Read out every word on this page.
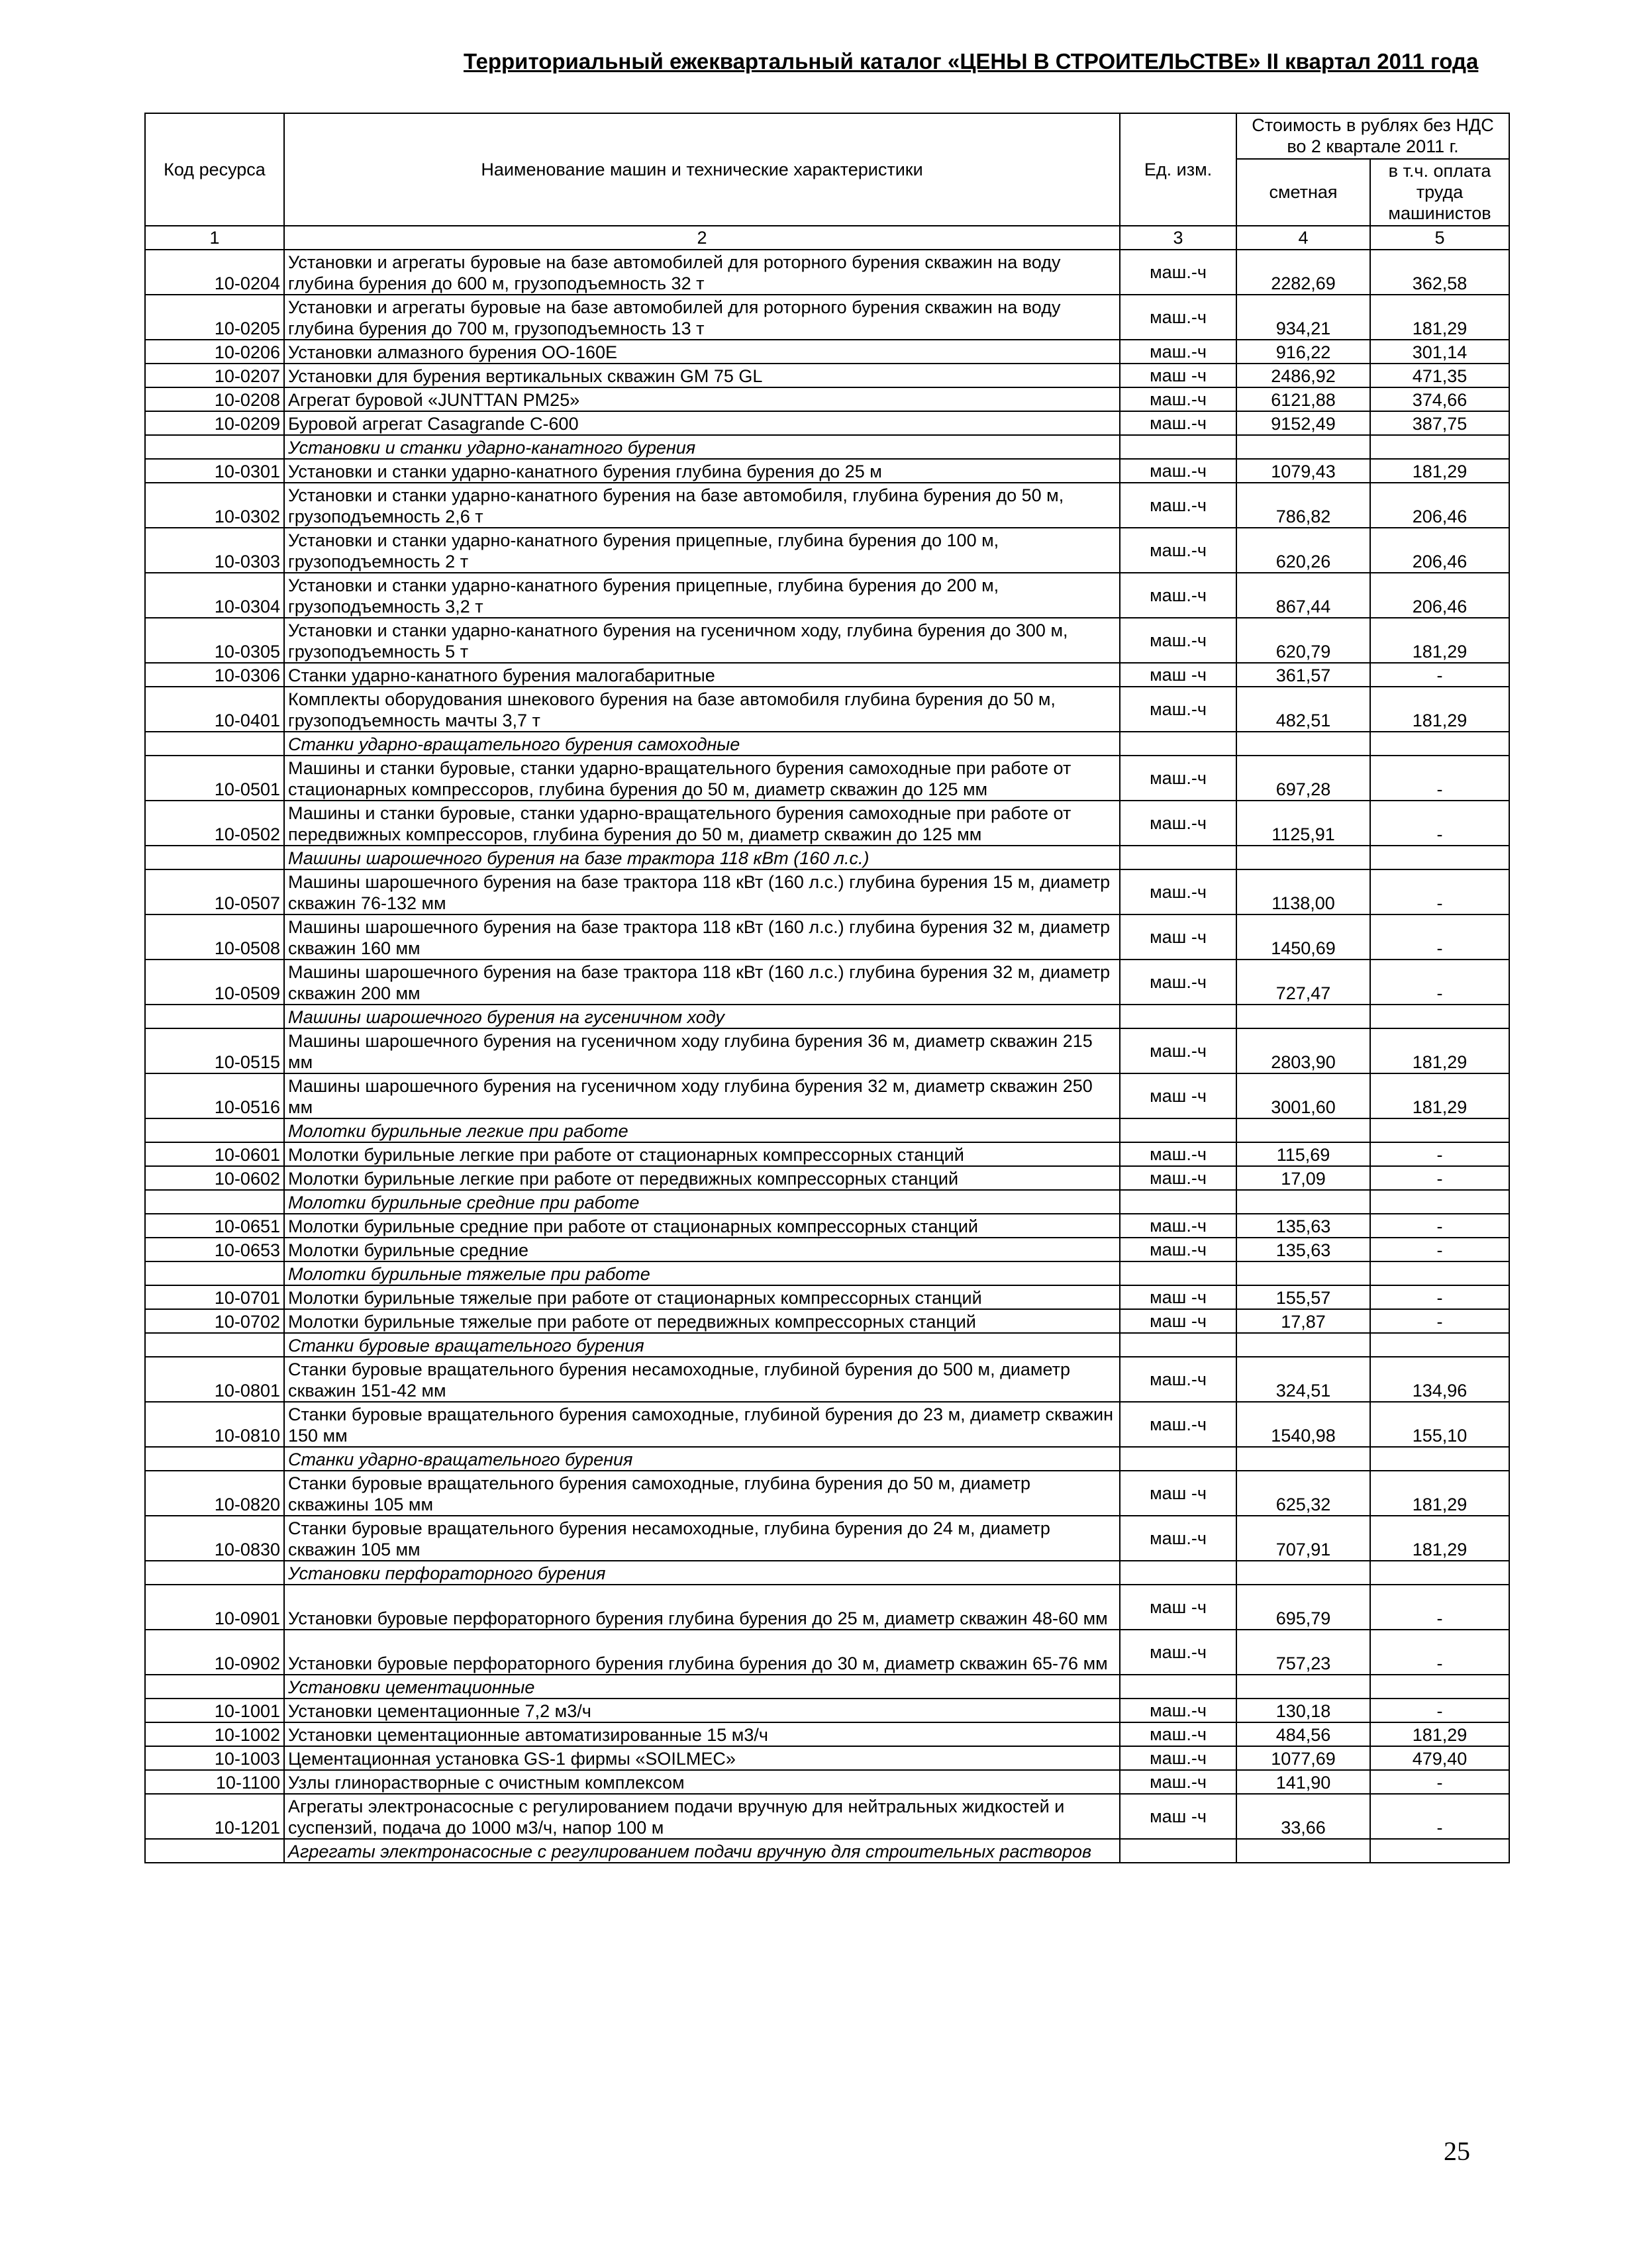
Территориальный ежеквартальный каталог «ЦЕНЫ В СТРОИТЕЛЬСТВЕ» II квартал 2011 года
Код ресурса	Наименование машин и технические характеристики	Ед. изм.	Стоимость в рублях без НДС во 2 квартале 2011 г.	
			сметная	в т.ч. оплата труда машинистов
1	2	3	4	5
10-0204	Установки и агрегаты буровые на базе автомобилей для роторного бурения скважин на воду глубина бурения до 600 м, грузоподъемность 32 т	маш.-ч	2282,69	362,58
10-0205	Установки и агрегаты буровые на базе автомобилей для роторного бурения скважин на воду глубина бурения до 700 м, грузоподъемность 13 т	маш.-ч	934,21	181,29
10-0206	Установки алмазного бурения ОО-160Е	маш.-ч	916,22	301,14
10-0207	Установки для бурения вертикальных скважин GM 75 GL	маш -ч	2486,92	471,35
10-0208	Агрегат буровой «JUNTTAN PM25»	маш.-ч	6121,88	374,66
10-0209	Буровой агрегат Casagrande C-600	маш.-ч	9152,49	387,75
	Установки и станки ударно-канатного бурения			
10-0301	Установки и станки ударно-канатного бурения глубина бурения до 25 м	маш.-ч	1079,43	181,29
10-0302	Установки и станки ударно-канатного бурения на базе автомобиля, глубина бурения до 50 м, грузоподъемность 2,6 т	маш.-ч	786,82	206,46
10-0303	Установки и станки ударно-канатного бурения прицепные, глубина бурения до 100 м, грузоподъемность 2 т	маш.-ч	620,26	206,46
10-0304	Установки и станки ударно-канатного бурения прицепные, глубина бурения до 200 м, грузоподъемность 3,2 т	маш.-ч	867,44	206,46
10-0305	Установки и станки ударно-канатного бурения на гусеничном ходу, глубина бурения до 300 м, грузоподъемность 5 т	маш.-ч	620,79	181,29
10-0306	Станки ударно-канатного бурения малогабаритные	маш -ч	361,57	-
10-0401	Комплекты оборудования шнекового бурения на базе автомобиля глубина бурения до 50 м, грузоподъемность мачты 3,7 т	маш.-ч	482,51	181,29
	Станки ударно-вращательного бурения самоходные			
10-0501	Машины и станки буровые, станки ударно-вращательного бурения самоходные при работе от стационарных компрессоров, глубина бурения до 50 м, диаметр скважин до 125 мм	маш.-ч	697,28	-
10-0502	Машины и станки буровые, станки ударно-вращательного бурения самоходные при работе от передвижных компрессоров, глубина бурения до 50 м, диаметр скважин до 125 мм	маш.-ч	1125,91	-
	Машины шарошечного бурения на базе трактора 118 кВт (160 л.с.)			
10-0507	Машины шарошечного бурения на базе трактора 118 кВт (160 л.с.) глубина бурения 15 м, диаметр скважин 76-132 мм	маш.-ч	1138,00	-
10-0508	Машины шарошечного бурения на базе трактора 118 кВт (160 л.с.) глубина бурения 32 м, диаметр скважин 160 мм	маш -ч	1450,69	-
10-0509	Машины шарошечного бурения на базе трактора 118 кВт (160 л.с.) глубина бурения 32 м, диаметр скважин 200 мм	маш.-ч	727,47	-
	Машины шарошечного бурения на гусеничном ходу			
10-0515	Машины шарошечного бурения на гусеничном ходу глубина бурения 36 м, диаметр скважин 215 мм	маш.-ч	2803,90	181,29
10-0516	Машины шарошечного бурения на гусеничном ходу глубина бурения 32 м, диаметр скважин 250 мм	маш -ч	3001,60	181,29
	Молотки бурильные легкие при работе			
10-0601	Молотки бурильные легкие при работе от стационарных компрессорных станций	маш.-ч	115,69	-
10-0602	Молотки бурильные легкие при работе от передвижных компрессорных станций	маш.-ч	17,09	-
	Молотки бурильные средние при работе			
10-0651	Молотки бурильные средние при работе от стационарных компрессорных станций	маш.-ч	135,63	-
10-0653	Молотки бурильные средние	маш.-ч	135,63	-
	Молотки бурильные тяжелые при работе			
10-0701	Молотки бурильные тяжелые при работе от стационарных компрессорных станций	маш -ч	155,57	-
10-0702	Молотки бурильные тяжелые при работе от передвижных компрессорных станций	маш -ч	17,87	-
	Станки буровые вращательного бурения			
10-0801	Станки буровые вращательного бурения несамоходные, глубиной бурения до 500 м, диаметр скважин 151-42 мм	маш.-ч	324,51	134,96
10-0810	Станки буровые вращательного бурения самоходные, глубиной бурения до 23 м, диаметр скважин 150 мм	маш.-ч	1540,98	155,10
	Станки ударно-вращательного бурения			
10-0820	Станки буровые вращательного бурения самоходные, глубина бурения до 50 м, диаметр скважины 105 мм	маш -ч	625,32	181,29
10-0830	Станки буровые вращательного бурения несамоходные, глубина бурения до 24 м, диаметр скважин 105 мм	маш.-ч	707,91	181,29
	Установки перфораторного бурения			
10-0901	Установки буровые перфораторного бурения глубина бурения до 25 м, диаметр скважин 48-60 мм	маш -ч	695,79	-
10-0902	Установки буровые перфораторного бурения глубина бурения до 30 м, диаметр скважин 65-76 мм	маш.-ч	757,23	-
	Установки цементационные			
10-1001	Установки цементационные 7,2 м3/ч	маш.-ч	130,18	-
10-1002	Установки цементационные автоматизированные 15 м3/ч	маш.-ч	484,56	181,29
10-1003	Цементационная установка GS-1 фирмы «SOILMEC»	маш.-ч	1077,69	479,40
10-1100	Узлы глинорастворные с очистным комплексом	маш.-ч	141,90	-
10-1201	Агрегаты электронасосные с регулированием подачи вручную для нейтральных жидкостей и суспензий, подача до 1000 м3/ч, напор 100 м	маш -ч	33,66	-
	Агрегаты электронасосные с регулированием подачи вручную для строительных растворов			
25
